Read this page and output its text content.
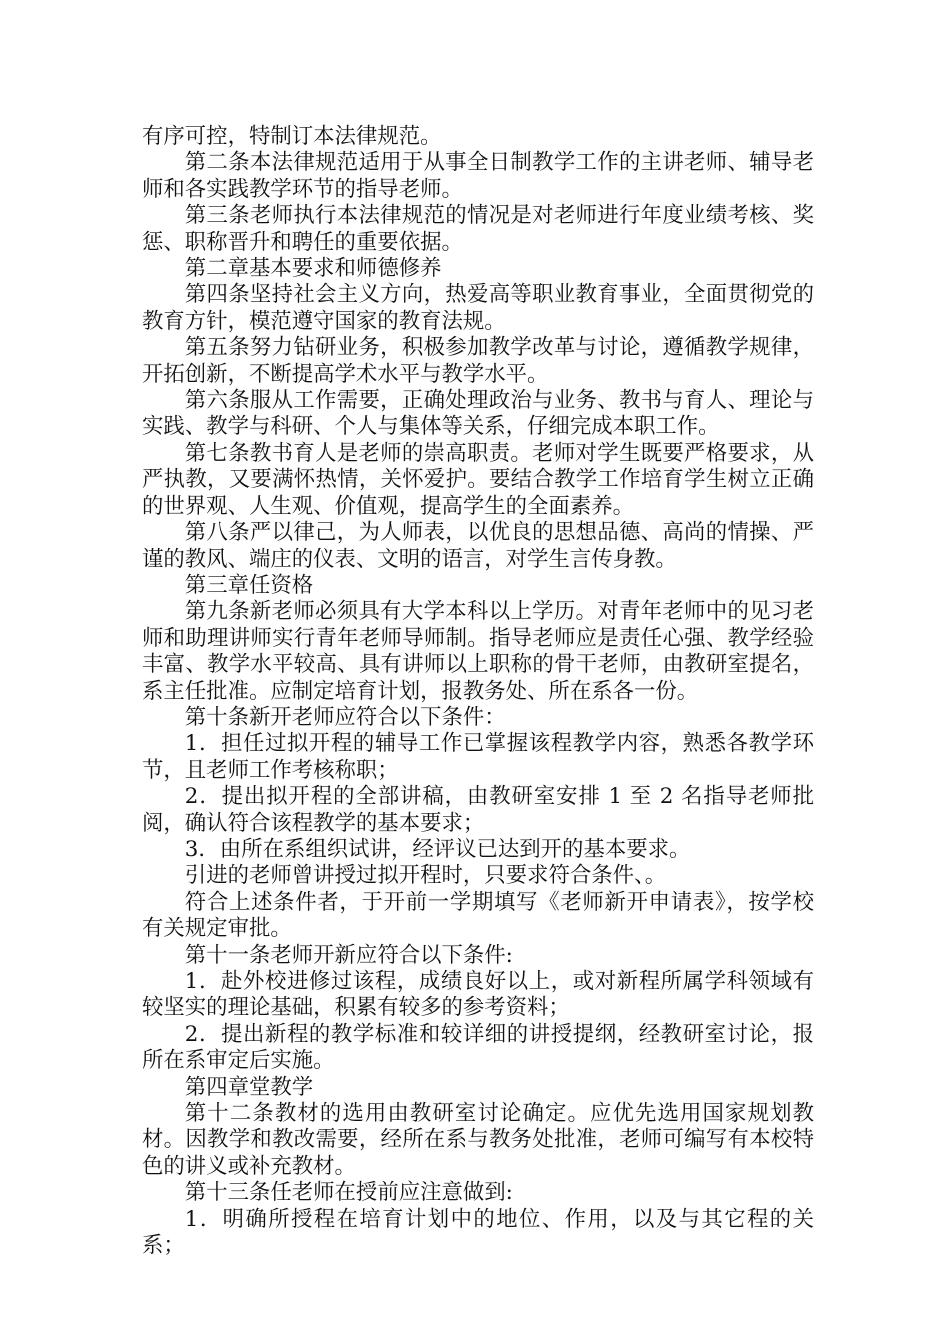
有序可控，特制订本法律规范。

第二条本法律规范适用于从事全日制教学工作的主讲老师、辅导老师和各实践教学环节的指导老师。

第三条老师执行本法律规范的情况是对老师进行年度业绩考核、奖惩、职称晋升和聘任的重要依据。

第二章基本要求和师德修养

第四条坚持社会主义方向，热爱高等职业教育事业，全面贯彻党的教育方针，模范遵守国家的教育法规。

第五条努力钻研业务，积极参加教学改革与讨论，遵循教学规律，开拓创新，不断提高学术水平与教学水平。

第六条服从工作需要，正确处理政治与业务、教书与育人、理论与实践、教学与科研、个人与集体等关系，仔细完成本职工作。

第七条教书育人是老师的崇高职责。老师对学生既要严格要求，从严执教，又要满怀热情，关怀爱护。要结合教学工作培育学生树立正确的世界观、人生观、价值观，提高学生的全面素养。

第八条严以律己，为人师表，以优良的思想品德、高尚的情操、严谨的教风、端庄的仪表、文明的语言，对学生言传身教。

第三章任资格

第九条新老师必须具有大学本科以上学历。对青年老师中的见习老师和助理讲师实行青年老师导师制。指导老师应是责任心强、教学经验丰富、教学水平较高、具有讲师以上职称的骨干老师，由教研室提名，系主任批准。应制定培育计划，报教务处、所在系各一份。

第十条新开老师应符合以下条件：

1．担任过拟开程的辅导工作已掌握该程教学内容，熟悉各教学环节，且老师工作考核称职；

2．提出拟开程的全部讲稿，由教研室安排 1 至 2 名指导老师批阅，确认符合该程教学的基本要求；

3．由所在系组织试讲，经评议已达到开的基本要求。

引进的老师曾讲授过拟开程时，只要求符合条件、。

符合上述条件者，于开前一学期填写《老师新开申请表》，按学校有关规定审批。

第十一条老师开新应符合以下条件:

1．赴外校进修过该程，成绩良好以上，或对新程所属学科领域有较坚实的理论基础，积累有较多的参考资料；

2．提出新程的教学标准和较详细的讲授提纲，经教研室讨论，报所在系审定后实施。

第四章堂教学

第十二条教材的选用由教研室讨论确定。应优先选用国家规划教材。因教学和教改需要，经所在系与教务处批准，老师可编写有本校特色的讲义或补充教材。

第十三条任老师在授前应注意做到:

1．明确所授程在培育计划中的地位、作用，以及与其它程的关系；
